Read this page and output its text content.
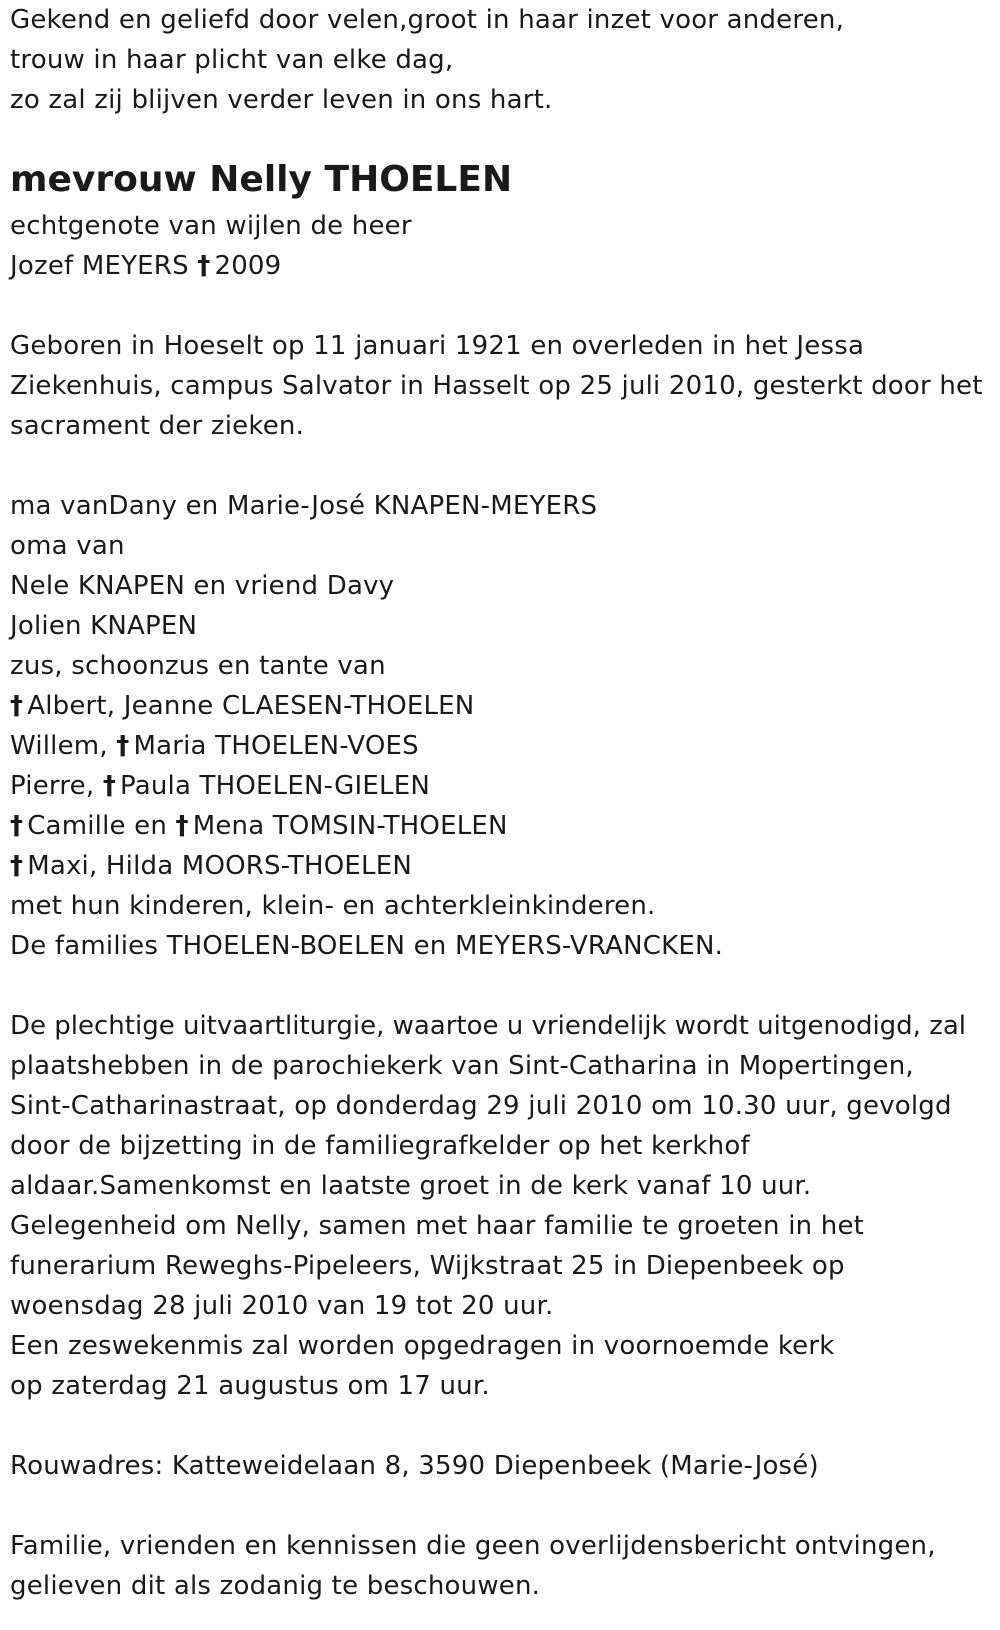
Gekend en geliefd door velen,groot in haar inzet voor anderen,
trouw in haar plicht van elke dag,
zo zal zij blijven verder leven in ons hart.
mevrouw Nelly THOELEN
echtgenote van wijlen de heer
Jozef MEYERS † 2009
Geboren in Hoeselt op 11 januari 1921 en overleden in het Jessa
Ziekenhuis, campus Salvator in Hasselt op 25 juli 2010, gesterkt door het
sacrament der zieken.
ma vanDany en Marie-José KNAPEN-MEYERS
oma van
Nele KNAPEN en vriend Davy
Jolien KNAPEN
zus, schoonzus en tante van
† Albert, Jeanne CLAESEN-THOELEN
Willem, † Maria THOELEN-VOES
Pierre, † Paula THOELEN-GIELEN
† Camille en † Mena TOMSIN-THOELEN
† Maxi, Hilda MOORS-THOELEN
met hun kinderen, klein- en achterkleinkinderen.
De families THOELEN-BOELEN en MEYERS-VRANCKEN.
De plechtige uitvaartliturgie, waartoe u vriendelijk wordt uitgenodigd, zal
plaatshebben in de parochiekerk van Sint-Catharina in Mopertingen,
Sint-Catharinastraat, op donderdag 29 juli 2010 om 10.30 uur, gevolgd
door de bijzetting in de familiegrafkelder op het kerkhof
aldaar.Samenkomst en laatste groet in de kerk vanaf 10 uur.
Gelegenheid om Nelly, samen met haar familie te groeten in het
funerarium Reweghs-Pipeleers, Wijkstraat 25 in Diepenbeek op
woensdag 28 juli 2010 van 19 tot 20 uur.
Een zeswekenmis zal worden opgedragen in voornoemde kerk
op zaterdag 21 augustus om 17 uur.
Rouwadres: Katteweidelaan 8, 3590 Diepenbeek (Marie-José)
Familie, vrienden en kennissen die geen overlijdensbericht ontvingen,
gelieven dit als zodanig te beschouwen.
